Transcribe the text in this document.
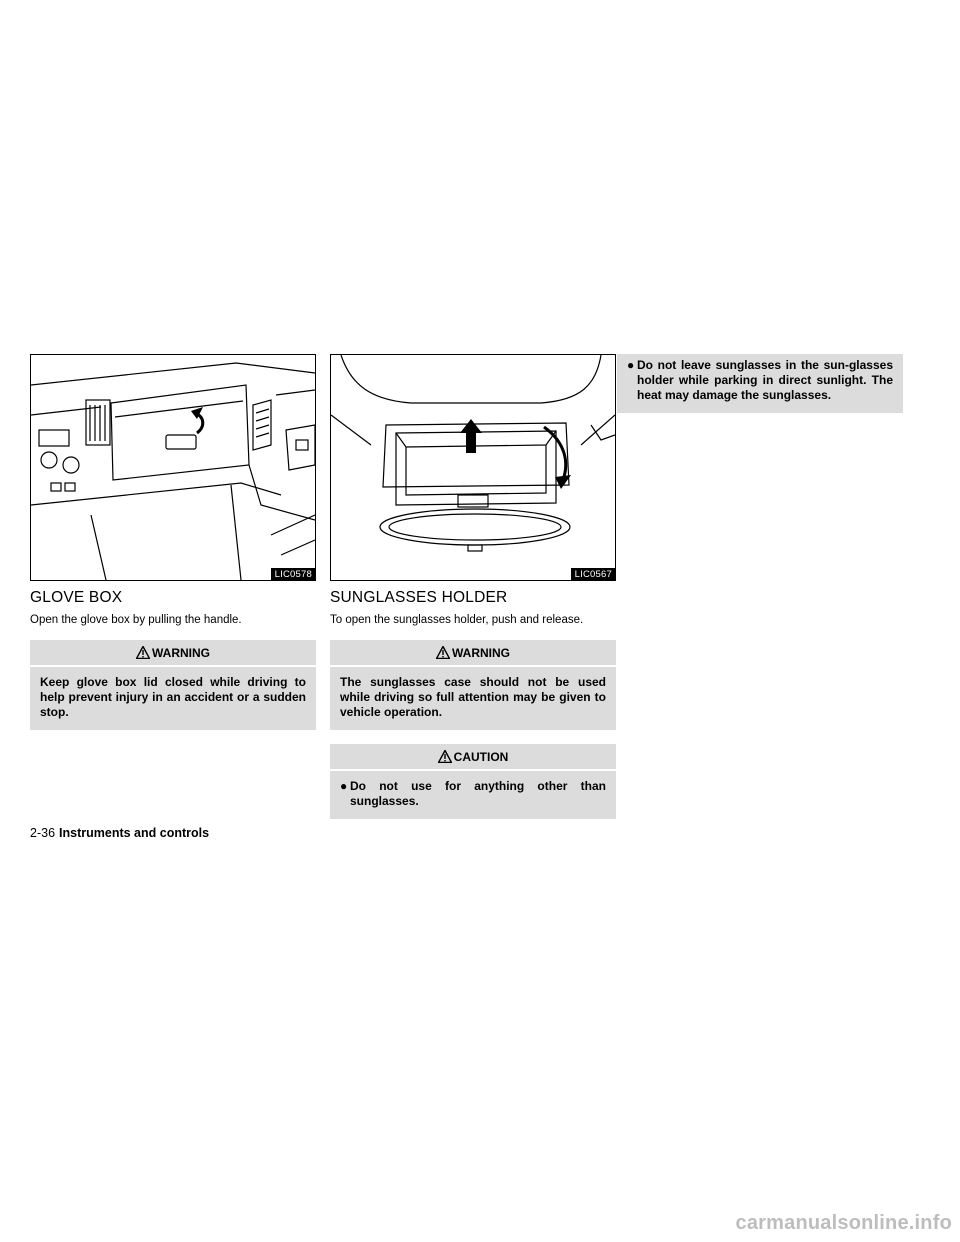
LIC0578
GLOVE BOX

Open the glove box by pulling the handle.

WARNING
Keep glove box lid closed while driving to help prevent injury in an accident or a sudden stop.
LIC0567
SUNGLASSES HOLDER

To open the sunglasses holder, push and release.

WARNING
The sunglasses case should not be used while driving so full attention may be given to vehicle operation.
CAUTION
● Do not use for anything other than sunglasses.
● Do not leave sunglasses in the sun-glasses holder while parking in direct sunlight. The heat may damage the sunglasses.
2-36 Instruments and controls
carmanualsonline.info
